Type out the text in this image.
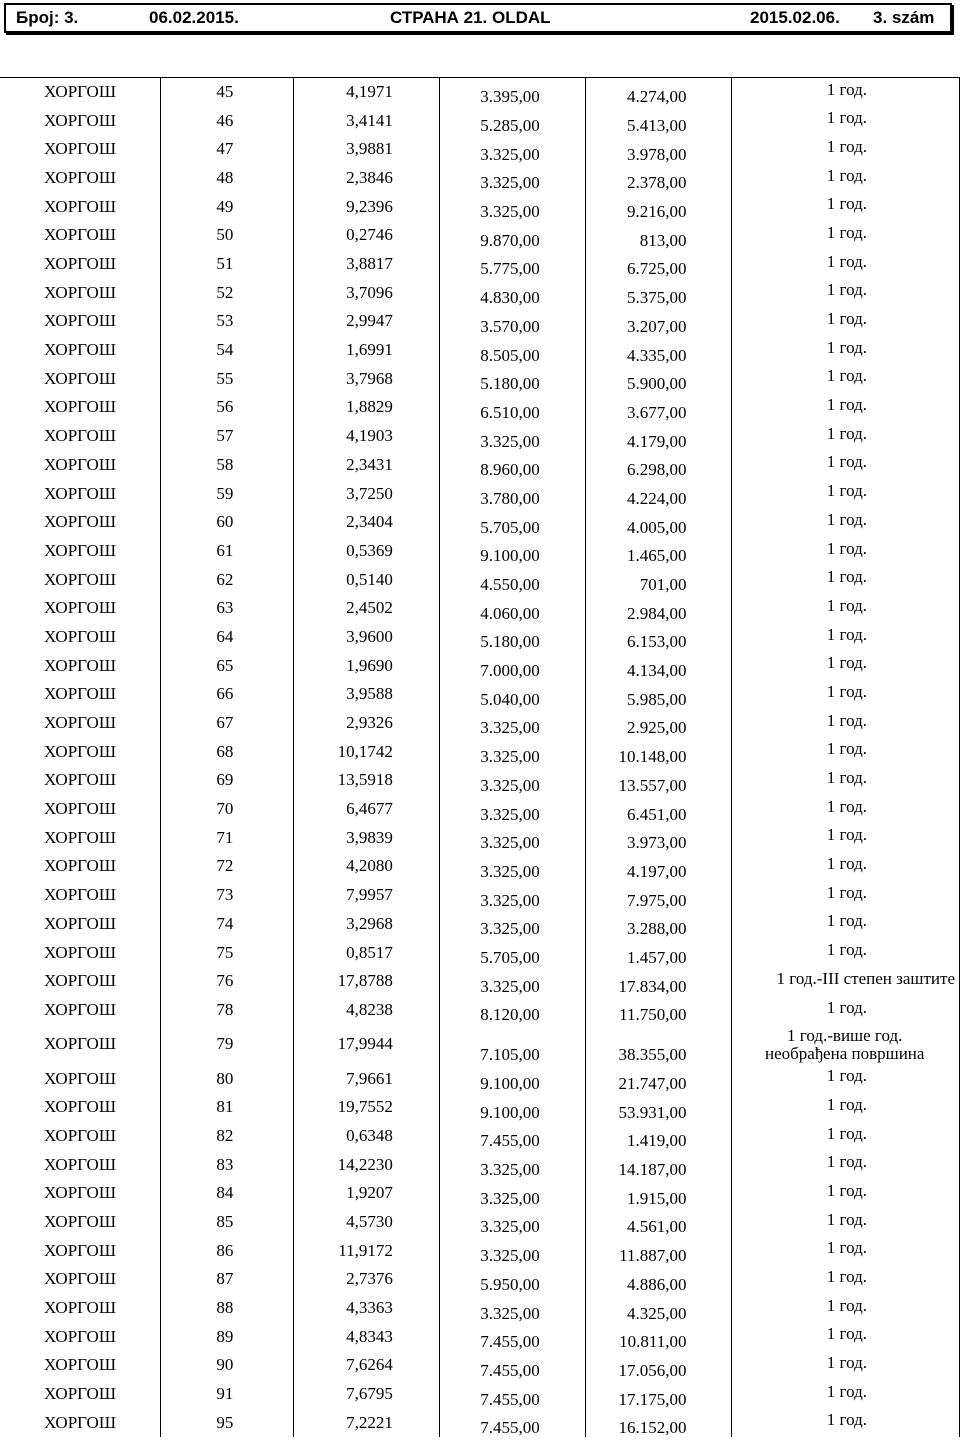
Број: 3.	06.02.2015.	СТРАНА 21. OLDAL	2015.02.06. 3. szám
ХОРГОШ	45	4,1971	3.395,00	4.274,00	1 год.
ХОРГОШ	46	3,4141	5.285,00	5.413,00	1 год.
ХОРГОШ	47	3,9881	3.325,00	3.978,00	1 год.
ХОРГОШ	48	2,3846	3.325,00	2.378,00	1 год.
ХОРГОШ	49	9,2396	3.325,00	9.216,00	1 год.
ХОРГОШ	50	0,2746	9.870,00	813,00	1 год.
ХОРГОШ	51	3,8817	5.775,00	6.725,00	1 год.
ХОРГОШ	52	3,7096	4.830,00	5.375,00	1 год.
ХОРГОШ	53	2,9947	3.570,00	3.207,00	1 год.
ХОРГОШ	54	1,6991	8.505,00	4.335,00	1 год.
ХОРГОШ	55	3,7968	5.180,00	5.900,00	1 год.
ХОРГОШ	56	1,8829	6.510,00	3.677,00	1 год.
ХОРГОШ	57	4,1903	3.325,00	4.179,00	1 год.
ХОРГОШ	58	2,3431	8.960,00	6.298,00	1 год.
ХОРГОШ	59	3,7250	3.780,00	4.224,00	1 год.
ХОРГОШ	60	2,3404	5.705,00	4.005,00	1 год.
ХОРГОШ	61	0,5369	9.100,00	1.465,00	1 год.
ХОРГОШ	62	0,5140	4.550,00	701,00	1 год.
ХОРГОШ	63	2,4502	4.060,00	2.984,00	1 год.
ХОРГОШ	64	3,9600	5.180,00	6.153,00	1 год.
ХОРГОШ	65	1,9690	7.000,00	4.134,00	1 год.
ХОРГОШ	66	3,9588	5.040,00	5.985,00	1 год.
ХОРГОШ	67	2,9326	3.325,00	2.925,00	1 год.
ХОРГОШ	68	10,1742	3.325,00	10.148,00	1 год.
ХОРГОШ	69	13,5918	3.325,00	13.557,00	1 год.
ХОРГОШ	70	6,4677	3.325,00	6.451,00	1 год.
ХОРГОШ	71	3,9839	3.325,00	3.973,00	1 год.
ХОРГОШ	72	4,2080	3.325,00	4.197,00	1 год.
ХОРГОШ	73	7,9957	3.325,00	7.975,00	1 год.
ХОРГОШ	74	3,2968	3.325,00	3.288,00	1 год.
ХОРГОШ	75	0,8517	5.705,00	1.457,00	1 год.
ХОРГОШ	76	17,8788	3.325,00	17.834,00	1 год.-III степен заштите
ХОРГОШ	78	4,8238	8.120,00	11.750,00	1 год.
ХОРГОШ	79	17,9944	7.105,00	38.355,00	1 год.-више год.
необрађена површина
ХОРГОШ	80	7,9661	9.100,00	21.747,00	1 год.
ХОРГОШ	81	19,7552	9.100,00	53.931,00	1 год.
ХОРГОШ	82	0,6348	7.455,00	1.419,00	1 год.
ХОРГОШ	83	14,2230	3.325,00	14.187,00	1 год.
ХОРГОШ	84	1,9207	3.325,00	1.915,00	1 год.
ХОРГОШ	85	4,5730	3.325,00	4.561,00	1 год.
ХОРГОШ	86	11,9172	3.325,00	11.887,00	1 год.
ХОРГОШ	87	2,7376	5.950,00	4.886,00	1 год.
ХОРГОШ	88	4,3363	3.325,00	4.325,00	1 год.
ХОРГОШ	89	4,8343	7.455,00	10.811,00	1 год.
ХОРГОШ	90	7,6264	7.455,00	17.056,00	1 год.
ХОРГОШ	91	7,6795	7.455,00	17.175,00	1 год.
ХОРГОШ	95	7,2221	7.455,00	16.152,00	1 год.
